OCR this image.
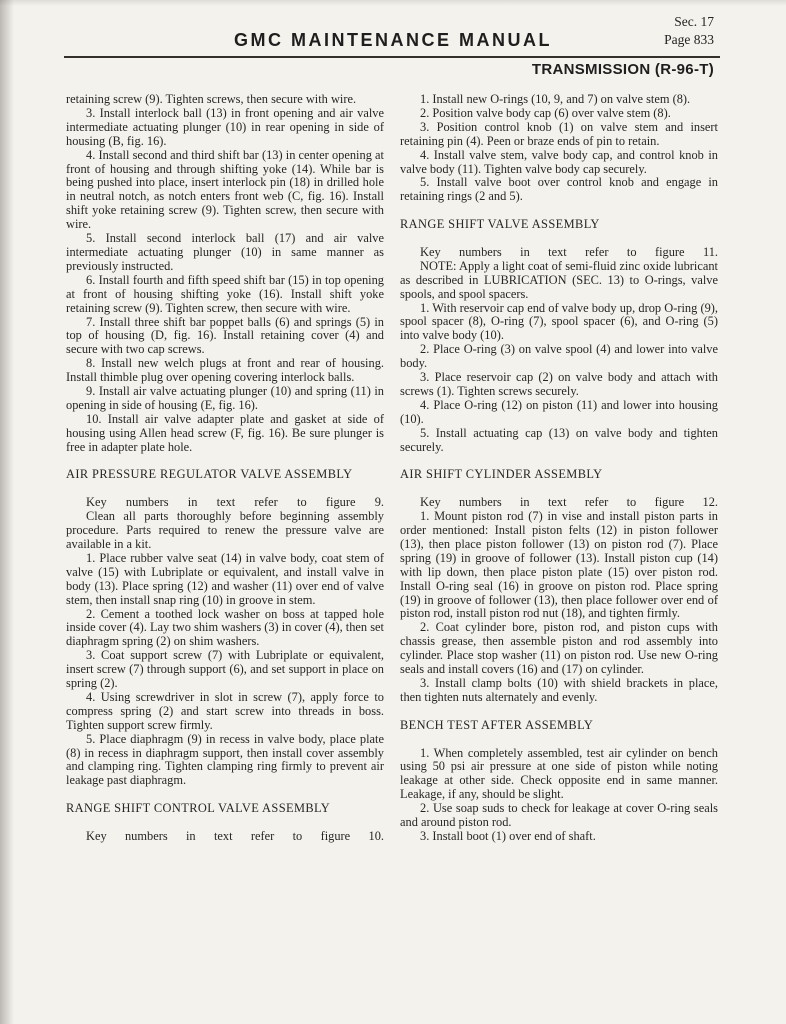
Sec. 17
Page 833
GMC MAINTENANCE MANUAL
TRANSMISSION (R-96-T)

retaining screw (9). Tighten screws, then secure with wire.

3. Install interlock ball (13) in front opening and air valve intermediate actuating plunger (10) in rear opening in side of housing (B, fig. 16).

4. Install second and third shift bar (13) in center opening at front of housing and through shifting yoke (14). While bar is being pushed into place, insert interlock pin (18) in drilled hole in neutral notch, as notch enters front web (C, fig. 16). Install shift yoke retaining screw (9). Tighten screw, then secure with wire.

5. Install second interlock ball (17) and air valve intermediate actuating plunger (10) in same manner as previously instructed.

6. Install fourth and fifth speed shift bar (15) in top opening at front of housing shifting yoke (16). Install shift yoke retaining screw (9). Tighten screw, then secure with wire.

7. Install three shift bar poppet balls (6) and springs (5) in top of housing (D, fig. 16). Install retaining cover (4) and secure with two cap screws.

8. Install new welch plugs at front and rear of housing. Install thimble plug over opening covering interlock balls.

9. Install air valve actuating plunger (10) and spring (11) in opening in side of housing (E, fig. 16).

10. Install air valve adapter plate and gasket at side of housing using Allen head screw (F, fig. 16). Be sure plunger is free in adapter plate hole.

AIR PRESSURE REGULATOR VALVE ASSEMBLY

Key numbers in text refer to figure 9.

Clean all parts thoroughly before beginning assembly procedure. Parts required to renew the pressure valve are available in a kit.

1. Place rubber valve seat (14) in valve body, coat stem of valve (15) with Lubriplate or equivalent, and install valve in body (13). Place spring (12) and washer (11) over end of valve stem, then install snap ring (10) in groove in stem.

2. Cement a toothed lock washer on boss at tapped hole inside cover (4). Lay two shim washers (3) in cover (4), then set diaphragm spring (2) on shim washers.

3. Coat support screw (7) with Lubriplate or equivalent, insert screw (7) through support (6), and set support in place on spring (2).

4. Using screwdriver in slot in screw (7), apply force to compress spring (2) and start screw into threads in boss. Tighten support screw firmly.

5. Place diaphragm (9) in recess in valve body, place plate (8) in recess in diaphragm support, then install cover assembly and clamping ring. Tighten clamping ring firmly to prevent air leakage past diaphragm.

RANGE SHIFT CONTROL VALVE ASSEMBLY

Key numbers in text refer to figure 10.

1. Install new O-rings (10, 9, and 7) on valve stem (8).

2. Position valve body cap (6) over valve stem (8).

3. Position control knob (1) on valve stem and insert retaining pin (4). Peen or braze ends of pin to retain.

4. Install valve stem, valve body cap, and control knob in valve body (11). Tighten valve body cap securely.

5. Install valve boot over control knob and engage in retaining rings (2 and 5).

RANGE SHIFT VALVE ASSEMBLY

Key numbers in text refer to figure 11.

NOTE: Apply a light coat of semi-fluid zinc oxide lubricant as described in LUBRICATION (SEC. 13) to O-rings, valve spools, and spool spacers.

1. With reservoir cap end of valve body up, drop O-ring (9), spool spacer (8), O-ring (7), spool spacer (6), and O-ring (5) into valve body (10).

2. Place O-ring (3) on valve spool (4) and lower into valve body.

3. Place reservoir cap (2) on valve body and attach with screws (1). Tighten screws securely.

4. Place O-ring (12) on piston (11) and lower into housing (10).

5. Install actuating cap (13) on valve body and tighten securely.

AIR SHIFT CYLINDER ASSEMBLY

Key numbers in text refer to figure 12.

1. Mount piston rod (7) in vise and install piston parts in order mentioned: Install piston felts (12) in piston follower (13), then place piston follower (13) on piston rod (7). Place spring (19) in groove of follower (13). Install piston cup (14) with lip down, then place piston plate (15) over piston rod. Install O-ring seal (16) in groove on piston rod. Place spring (19) in groove of follower (13), then place follower over end of piston rod, install piston rod nut (18), and tighten firmly.

2. Coat cylinder bore, piston rod, and piston cups with chassis grease, then assemble piston and rod assembly into cylinder. Place stop washer (11) on piston rod. Use new O-ring seals and install covers (16) and (17) on cylinder.

3. Install clamp bolts (10) with shield brackets in place, then tighten nuts alternately and evenly.

BENCH TEST AFTER ASSEMBLY

1. When completely assembled, test air cylinder on bench using 50 psi air pressure at one side of piston while noting leakage at other side. Check opposite end in same manner. Leakage, if any, should be slight.

2. Use soap suds to check for leakage at cover O-ring seals and around piston rod.

3. Install boot (1) over end of shaft.
